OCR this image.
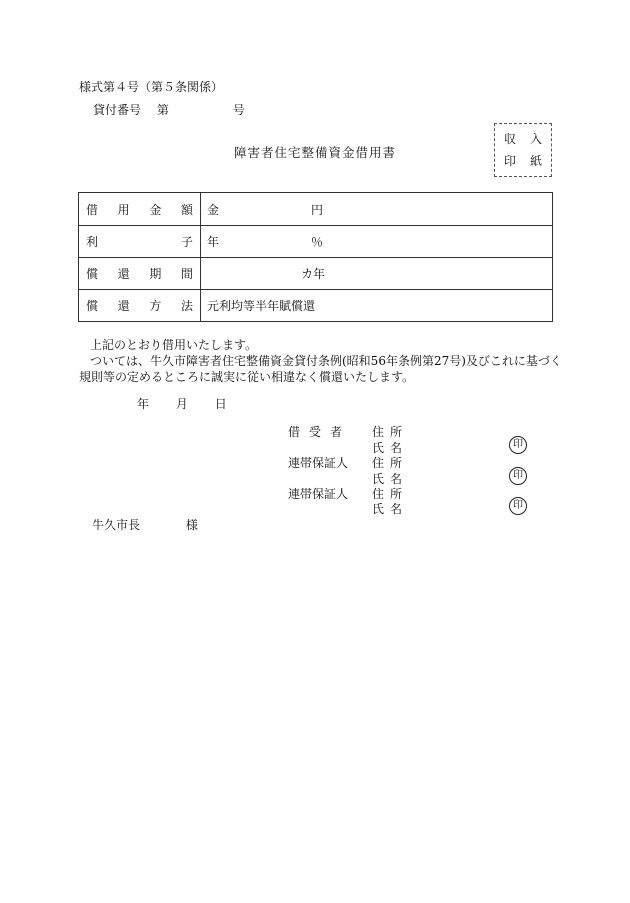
様式第４号（第５条関係）
貸付番号 第	号
障害者住宅整備資金借用書
収入
印紙
借 用 金 額 金	円
利	子 年	％
償 還 期 間	カ年
償 還 方 法 元利均等半年賦償還
上記のとおり借用いたします。
ついては、牛久市障害者住宅整備資金貸付条例(昭和56年条例第27号)及びこれに基づく
規則等の定めるところに誠実に従い相違なく償還いたします。
年 月 日
借受者 住所
氏名	印
連帯保証人 住所
氏名	印
連帯保証人 住所
氏名	印
牛久市長	様
